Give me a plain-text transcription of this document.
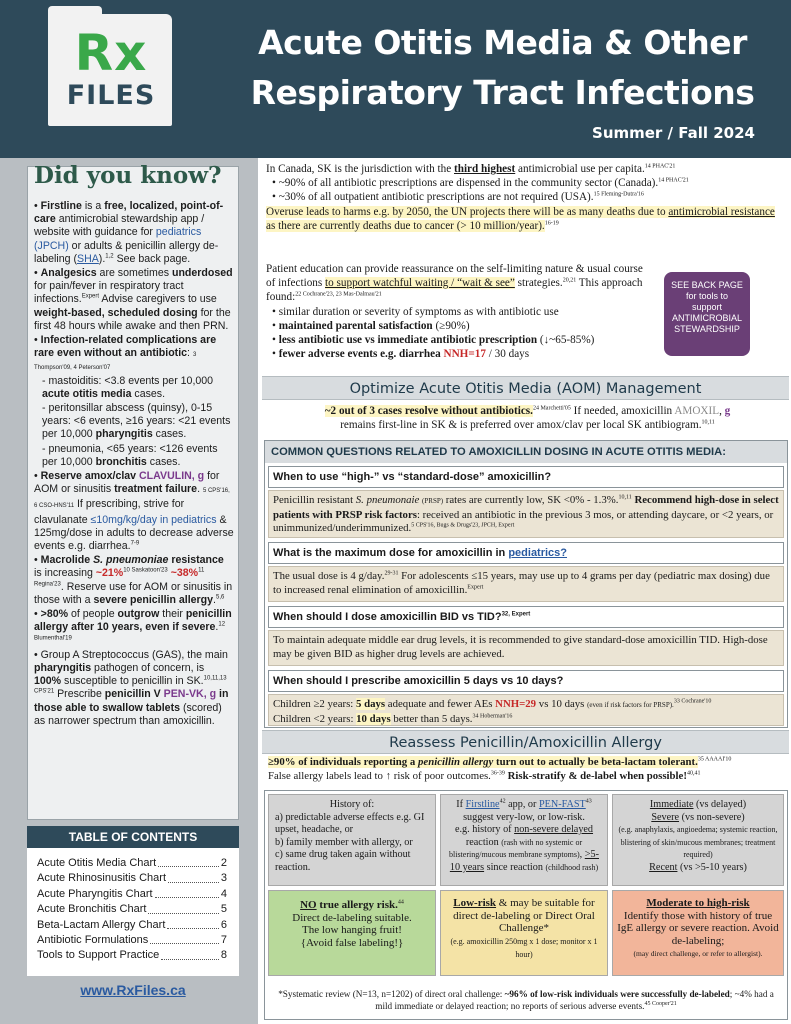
Rx
FILES
Acute Otitis Media & Other
Respiratory Tract Infections
Summer / Fall 2024
Did you know?

• Firstline is a free, localized, point-of-care antimicrobial stewardship app / website with guidance for pediatrics (JPCH) or adults & penicillin allergy de-labeling (SHA).$^{1,2}$ See back page.

• Analgesics are sometimes underdosed for pain/fever in respiratory tract infections.$^{Expert}$ Advise caregivers to use weight-based, scheduled dosing for the first 48 hours while awake and then PRN.

• Infection-related complications are rare even without an antibiotic: 3 Thompson'09, 4 Peterson'07

- mastoiditis: <3.8 events per 10,000 acute otitis media cases.

- peritonsillar abscess (quinsy), 0-15 years: <6 events, ≥16 years: <21 events per 10,000 pharyngitis cases.

- pneumonia, <65 years: <126 events per 10,000 bronchitis cases.

• Reserve amox/clav CLAVULIN, g for AOM or sinusitis treatment failure. 5 CPS'16, 6 CSO-HNS'11 If prescribing, strive for clavulanate ≤10mg/kg/day in pediatrics & 125mg/dose in adults to decrease adverse events e.g. diarrhea.$^{7-9}$

• Macrolide S. pneumoniae resistance is increasing ~21%$^{10 Saskatoon'23}$ ~38%$^{11 Regina'23}$. Reserve use for AOM or sinusitis in those with a severe penicillin allergy.$^{5,6}$

• >80% of people outgrow their penicillin allergy after 10 years, even if severe.$^{12 Blumenthal'19}$

• Group A Streptococcus (GAS), the main pharyngitis pathogen of concern, is 100% susceptible to penicillin in SK.$^{10,11,13 CPS'21}$ Prescribe penicillin V PEN-VK, g in those able to swallow tablets (scored) as narrower spectrum than amoxicillin.

TABLE OF CONTENTS
Acute Otitis Media Chart	2
Acute Rhinosinusitis Chart	3
Acute Pharyngitis Chart	4
Acute Bronchitis Chart	5
Beta-Lactam Allergy Chart	6
Antibiotic Formulations	7
Tools to Support Practice	8
www.RxFiles.ca
In Canada, SK is the jurisdiction with the third highest antimicrobial use per capita.$^{14 PHAC'21}$
• ~90% of all antibiotic prescriptions are dispensed in the community sector (Canada).$^{14 PHAC'21}$
• ~30% of all outpatient antibiotic prescriptions are not required (USA).$^{15 Fleming-Dutra'16}$
Overuse leads to harms e.g. by 2050, the UN projects there will be as many deaths due to antimicrobial resistance as there are currently deaths due to cancer (> 10 million/year).$^{16-19}$
Patient education can provide reassurance on the self-limiting nature & usual course of infections to support watchful waiting / “wait & see” strategies.$^{20,21}$ This approach found:$^{22 Cochrane'23, 23 Mas-Dalmau'21}$
• similar duration or severity of symptoms as with antibiotic use
• maintained parental satisfaction (≥90%)
• less antibiotic use vs immediate antibiotic prescription (↓~65-85%)
• fewer adverse events e.g. diarrhea NNH=17 / 30 days
SEE BACK PAGE
for tools to
support
ANTIMICROBIAL
STEWARDSHIP
Optimize Acute Otitis Media (AOM) Management
~2 out of 3 cases resolve without antibiotics.$^{24 Marchetti'05}$ If needed, amoxicillin AMOXIL, g
remains first-line in SK & is preferred over amox/clav per local SK antibiogram.$^{10,11}$
COMMON QUESTIONS RELATED TO AMOXICILLIN DOSING IN ACUTE OTITIS MEDIA:
When to use “high-” vs “standard-dose” amoxicillin?
Penicillin resistant S. pneumonaie (PRSP) rates are currently low, SK <0% - 1.3%.$^{10,11}$ Recommend high-dose in select patients with PRSP risk factors: received an antibiotic in the previous 3 mos, or attending daycare, or <2 years, or unimmunized/underimmunized.$^{5 CPS'16, Bugs \& Drugs'23, JPCH, Expert}$
What is the maximum dose for amoxicillin in pediatrics?
The usual dose is 4 g/day.$^{29-31}$ For adolescents ≤15 years, may use up to 4 grams per day (pediatric max dosing) due to increased renal elimination of amoxicillin.$^{Expert}$
When should I dose amoxicillin BID vs TID?$^{32, Expert}$
To maintain adequate middle ear drug levels, it is recommended to give standard-dose amoxicillin TID. High-dose may be given BID as higher drug levels are achieved.
When should I prescribe amoxicillin 5 days vs 10 days?
Children ≥2 years: 5 days adequate and fewer AEs NNH=29 vs 10 days (even if risk factors for PRSP).$^{33 Cochrane'10}$
Children <2 years: 10 days better than 5 days.$^{34 Hoberman'16}$
Reassess Penicillin/Amoxicillin Allergy
≥90% of individuals reporting a penicillin allergy turn out to actually be beta-lactam tolerant.$^{35 AAAAI'10}$
False allergy labels lead to ↑ risk of poor outcomes.$^{36-39}$ Risk-stratify & de-label when possible!$^{40,41}$
History of:
a) predictable adverse effects e.g. GI upset, headache, or
b) family member with allergy, or
c) same drug taken again without reaction.
If Firstline$^{42}$ app, or PEN-FAST$^{43}$ suggest very-low, or low-risk.
e.g. history of non-severe delayed reaction (rash with no systemic or blistering/mucous membrane symptoms), >5-10 years since reaction (childhood rash)
Immediate (vs delayed)
Severe (vs non-severe)
(e.g. anaphylaxis, angioedema; systemic reaction, blistering of skin/mucous membranes; treatment required)
Recent (vs >5-10 years)
NO true allergy risk.$^{44}$
Direct de-labeling suitable.
The low hanging fruit!
{Avoid false labeling!}
Low-risk & may be suitable for direct de-labeling or Direct Oral Challenge*
(e.g. amoxicillin 250mg x 1 dose; monitor x 1 hour)
Moderate to high-risk
Identify those with history of true IgE allergy or severe reaction. Avoid de-labeling;
(may direct challenge, or refer to allergist).
*Systematic review (N=13, n=1202) of direct oral challenge: ~96% of low-risk individuals were successfully de-labeled; ~4% had a mild immediate or delayed reaction; no reports of serious adverse events.$^{45 Cooper'21}$
